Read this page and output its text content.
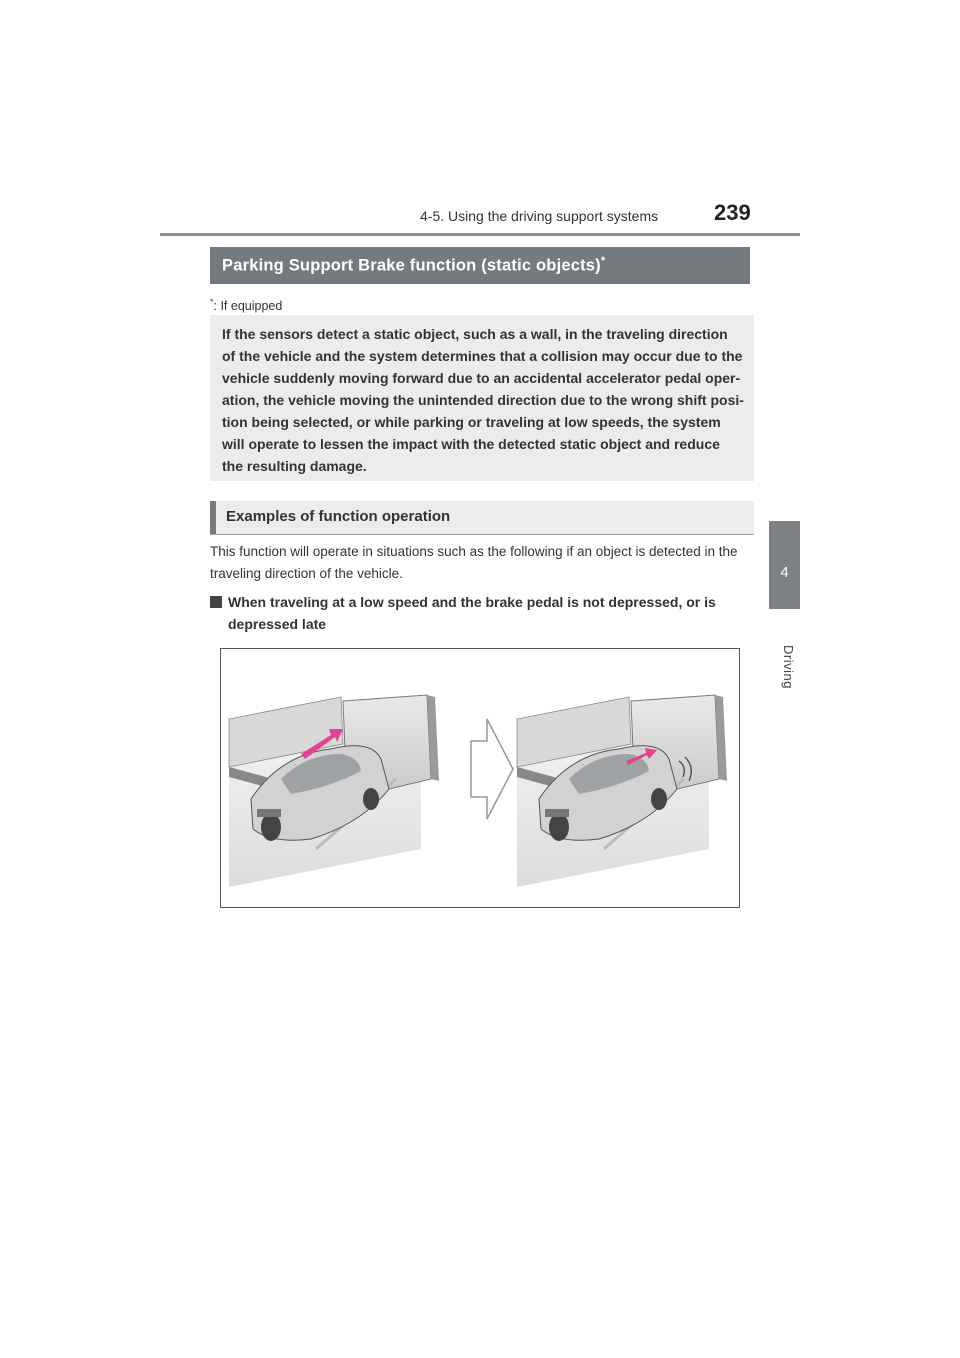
4-5. Using the driving support systems	239
4
Driving
Parking Support Brake function (static objects)*
*: If equipped
If the sensors detect a static object, such as a wall, in the traveling direction of the vehicle and the system determines that a collision may occur due to the vehicle suddenly moving forward due to an accidental accelerator pedal oper-ation, the vehicle moving the unintended direction due to the wrong shift posi-tion being selected, or while parking or traveling at low speeds, the system will operate to lessen the impact with the detected static object and reduce the resulting damage.
Examples of function operation
This function will operate in situations such as the following if an object is detected in the traveling direction of the vehicle.
When traveling at a low speed and the brake pedal is not depressed, or is depressed late
